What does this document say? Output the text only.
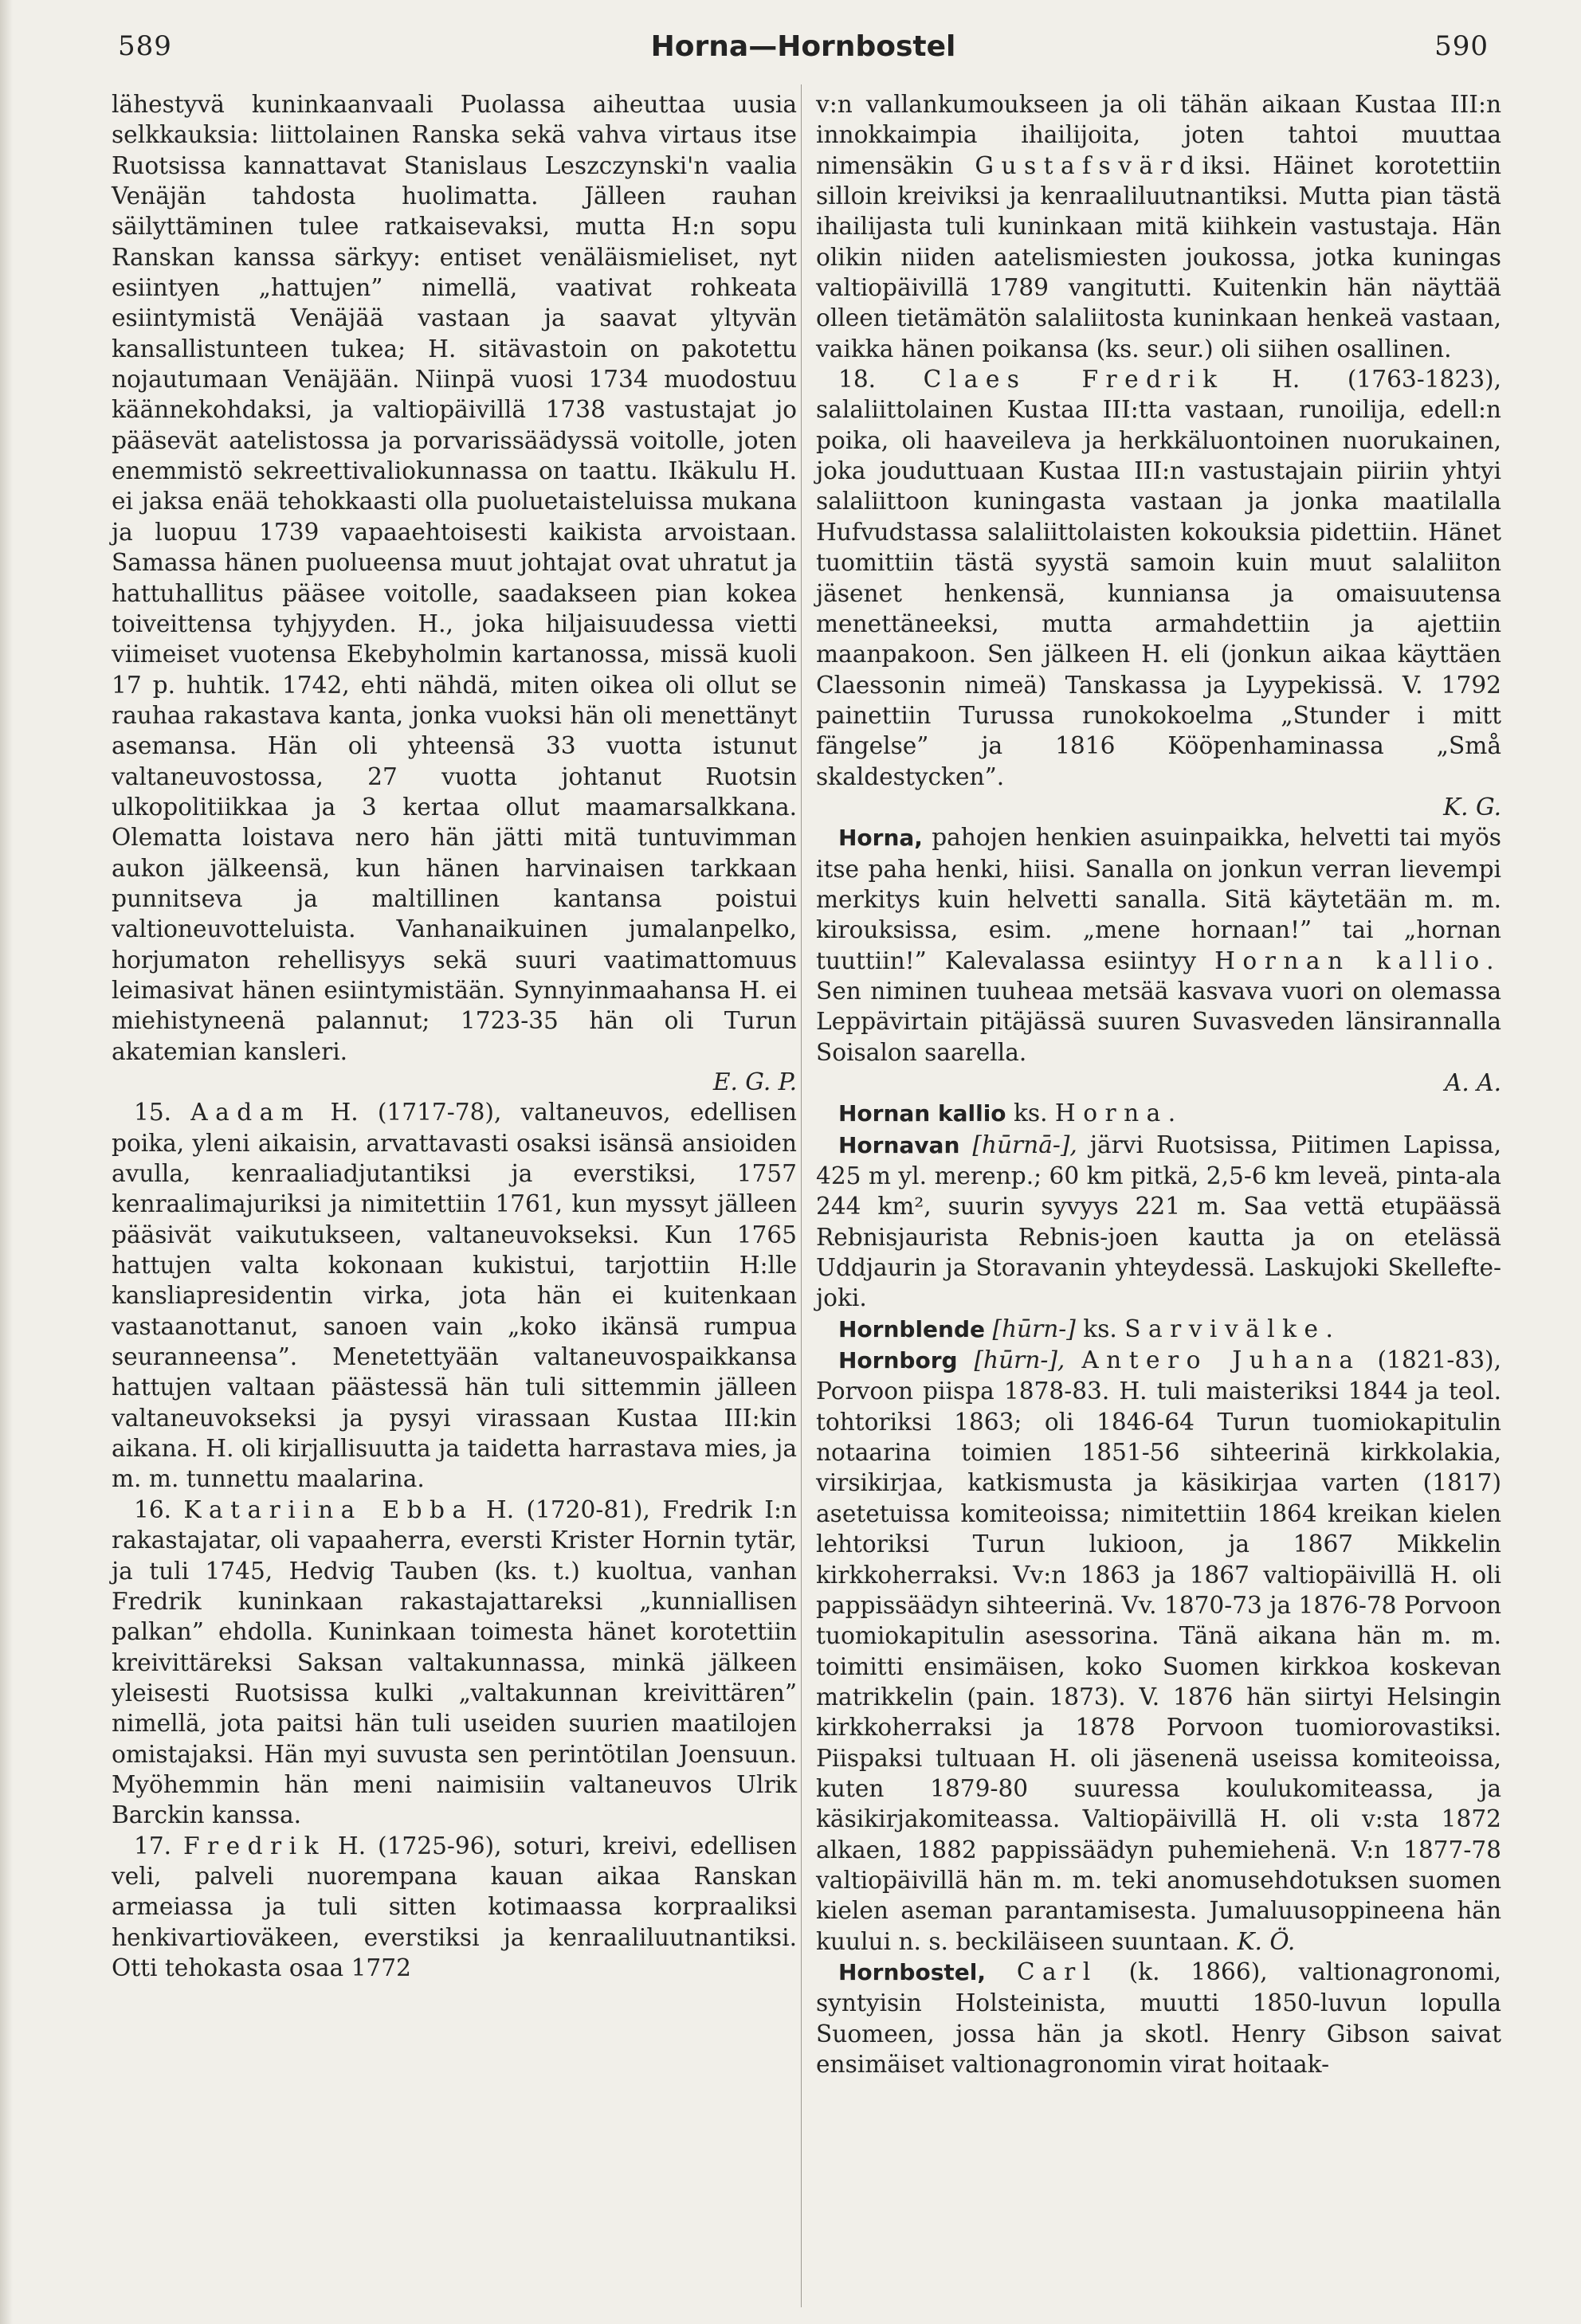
589	Horna—Hornbostel	590

lähestyvä kuninkaanvaali Puolassa aiheuttaa uusia selkkauksia: liittolainen Ranska sekä vahva virtaus itse Ruotsissa kannattavat Stanislaus Leszczynski'n vaalia Venäjän tahdosta huolimatta. Jälleen rauhan säilyttäminen tulee ratkaisevaksi, mutta H:n sopu Ranskan kanssa särkyy: entiset venäläismieliset, nyt esiintyen „hattujen” nimellä, vaativat rohkeata esiintymistä Venäjää vastaan ja saavat yltyvän kansallistunteen tukea; H. sitävastoin on pakotettu nojautumaan Venäjään. Niinpä vuosi 1734 muodostuu käännekohdaksi, ja valtiopäivillä 1738 vastustajat jo pääsevät aatelistossa ja porvarissäädyssä voitolle, joten enemmistö sekreettivaliokunnassa on taattu. Ikäkulu H. ei jaksa enää tehokkaasti olla puoluetaisteluissa mukana ja luopuu 1739 vapaaehtoisesti kaikista arvoistaan. Samassa hänen puolueensa muut johtajat ovat uhratut ja hattuhallitus pääsee voitolle, saadakseen pian kokea toiveittensa tyhjyyden. H., joka hiljaisuudessa vietti viimeiset vuotensa Ekebyholmin kartanossa, missä kuoli 17 p. huhtik. 1742, ehti nähdä, miten oikea oli ollut se rauhaa rakastava kanta, jonka vuoksi hän oli menettänyt asemansa. Hän oli yhteensä 33 vuotta istunut valtaneuvostossa, 27 vuotta johtanut Ruotsin ulkopolitiikkaa ja 3 kertaa ollut maamarsalkkana. Olematta loistava nero hän jätti mitä tuntuvimman aukon jälkeensä, kun hänen harvinaisen tarkkaan punnitseva ja maltillinen kantansa poistui valtioneuvotteluista. Vanhanaikuinen jumalanpelko, horjumaton rehellisyys sekä suuri vaatimattomuus leimasivat hänen esiintymistään. Synnyinmaahansa H. ei miehistyneenä palannut; 1723-35 hän oli Turun akatemian kansleri.

E. G. P.

15. Aadam H. (1717-78), valtaneuvos, edellisen poika, yleni aikaisin, arvattavasti osaksi isänsä ansioiden avulla, kenraaliadjutantiksi ja everstiksi, 1757 kenraalimajuriksi ja nimitettiin 1761, kun myssyt jälleen pääsivät vaikutukseen, valtaneuvokseksi. Kun 1765 hattujen valta kokonaan kukistui, tarjottiin H:lle kansliapresidentin virka, jota hän ei kuitenkaan vastaanottanut, sanoen vain „koko ikänsä rumpua seuranneensa”. Menetettyään valtaneuvospaikkansa hattujen valtaan päästessä hän tuli sittemmin jälleen valtaneuvokseksi ja pysyi virassaan Kustaa III:kin aikana. H. oli kirjallisuutta ja taidetta harrastava mies, ja m. m. tunnettu maalarina.

16. Katariina Ebba H. (1720-81), Fredrik I:n rakastajatar, oli vapaaherra, eversti Krister Hornin tytär, ja tuli 1745, Hedvig Tauben (ks. t.) kuoltua, vanhan Fredrik kuninkaan rakastajattareksi „kunniallisen palkan” ehdolla. Kuninkaan toimesta hänet korotettiin kreivittäreksi Saksan valtakunnassa, minkä jälkeen yleisesti Ruotsissa kulki „valtakunnan kreivittären” nimellä, jota paitsi hän tuli useiden suurien maatilojen omistajaksi. Hän myi suvusta sen perintötilan Joensuun. Myöhemmin hän meni naimisiin valtaneuvos Ulrik Barckin kanssa.

17. Fredrik H. (1725-96), soturi, kreivi, edellisen veli, palveli nuorempana kauan aikaa Ranskan armeiassa ja tuli sitten kotimaassa korpraaliksi henkivartioväkeen, everstiksi ja kenraaliluutnantiksi. Otti tehokasta osaa 1772

v:n vallankumoukseen ja oli tähän aikaan Kustaa III:n innokkaimpia ihailijoita, joten tahtoi muuttaa nimensäkin Gustafsvärdiksi. Häinet korotettiin silloin kreiviksi ja kenraaliluutnantiksi. Mutta pian tästä ihailijasta tuli kuninkaan mitä kiihkein vastustaja. Hän olikin niiden aatelismiesten joukossa, jotka kuningas valtiopäivillä 1789 vangitutti. Kuitenkin hän näyttää olleen tietämätön salaliitosta kuninkaan henkeä vastaan, vaikka hänen poikansa (ks. seur.) oli siihen osallinen.

18. Claes Fredrik H. (1763-1823), salaliittolainen Kustaa III:tta vastaan, runoilija, edell:n poika, oli haaveileva ja herkkäluontoinen nuorukainen, joka jouduttuaan Kustaa III:n vastustajain piiriin yhtyi salaliittoon kuningasta vastaan ja jonka maatilalla Hufvudstassa salaliittolaisten kokouksia pidettiin. Hänet tuomittiin tästä syystä samoin kuin muut salaliiton jäsenet henkensä, kunniansa ja omaisuutensa menettäneeksi, mutta armahdettiin ja ajettiin maanpakoon. Sen jälkeen H. eli (jonkun aikaa käyttäen Claessonin nimeä) Tanskassa ja Lyypekissä. V. 1792 painettiin Turussa runokokoelma „Stunder i mitt fängelse” ja 1816 Kööpenhaminassa „Små skaldestycken”.

K. G.

Horna, pahojen henkien asuinpaikka, helvetti tai myös itse paha henki, hiisi. Sanalla on jonkun verran lievempi merkitys kuin helvetti sanalla. Sitä käytetään m. m. kirouksissa, esim. „mene hornaan!” tai „hornan tuuttiin!” Kalevalassa esiintyy Hornan kallio. Sen niminen tuuheaa metsää kasvava vuori on olemassa Leppävirtain pitäjässä suuren Suvasveden länsirannalla Soisalon saarella.

A. A.

Hornan kallio ks. Horna.

Hornavan [hūrnā-], järvi Ruotsissa, Piitimen Lapissa, 425 m yl. merenp.; 60 km pitkä, 2,5-6 km leveä, pinta-ala 244 km², suurin syvyys 221 m. Saa vettä etupäässä Rebnisjaurista Rebnis-joen kautta ja on etelässä Uddjaurin ja Storavanin yhteydessä. Laskujoki Skellefte-joki.

Hornblende [hūrn-] ks. Sarvivälke.

Hornborg [hūrn-], Antero Juhana (1821-83), Porvoon piispa 1878-83. H. tuli maisteriksi 1844 ja teol. tohtoriksi 1863; oli 1846-64 Turun tuomiokapitulin notaarina toimien 1851-56 sihteerinä kirkkolakia, virsikirjaa, katkismusta ja käsikirjaa varten (1817) asetetuissa komiteoissa; nimitettiin 1864 kreikan kielen lehtoriksi Turun lukioon, ja 1867 Mikkelin kirkkoherraksi. Vv:n 1863 ja 1867 valtiopäivillä H. oli pappissäädyn sihteerinä. Vv. 1870-73 ja 1876-78 Porvoon tuomiokapitulin asessorina. Tänä aikana hän m. m. toimitti ensimäisen, koko Suomen kirkkoa koskevan matrikkelin (pain. 1873). V. 1876 hän siirtyi Helsingin kirkkoherraksi ja 1878 Porvoon tuomiorovastiksi. Piispaksi tultuaan H. oli jäsenenä useissa komiteoissa, kuten 1879-80 suuressa koulukomiteassa, ja käsikirjakomiteassa. Valtiopäivillä H. oli v:sta 1872 alkaen, 1882 pappissäädyn puhemiehenä. V:n 1877-78 valtiopäivillä hän m. m. teki anomusehdotuksen suomen kielen aseman parantamisesta. Jumaluusoppineena hän kuului n. s. beckiläiseen suuntaan. K. Ö.

Hornbostel, Carl (k. 1866), valtionagronomi, syntyisin Holsteinista, muutti 1850-luvun lopulla Suomeen, jossa hän ja skotl. Henry Gibson saivat ensimäiset valtionagronomin virat hoitaak-
